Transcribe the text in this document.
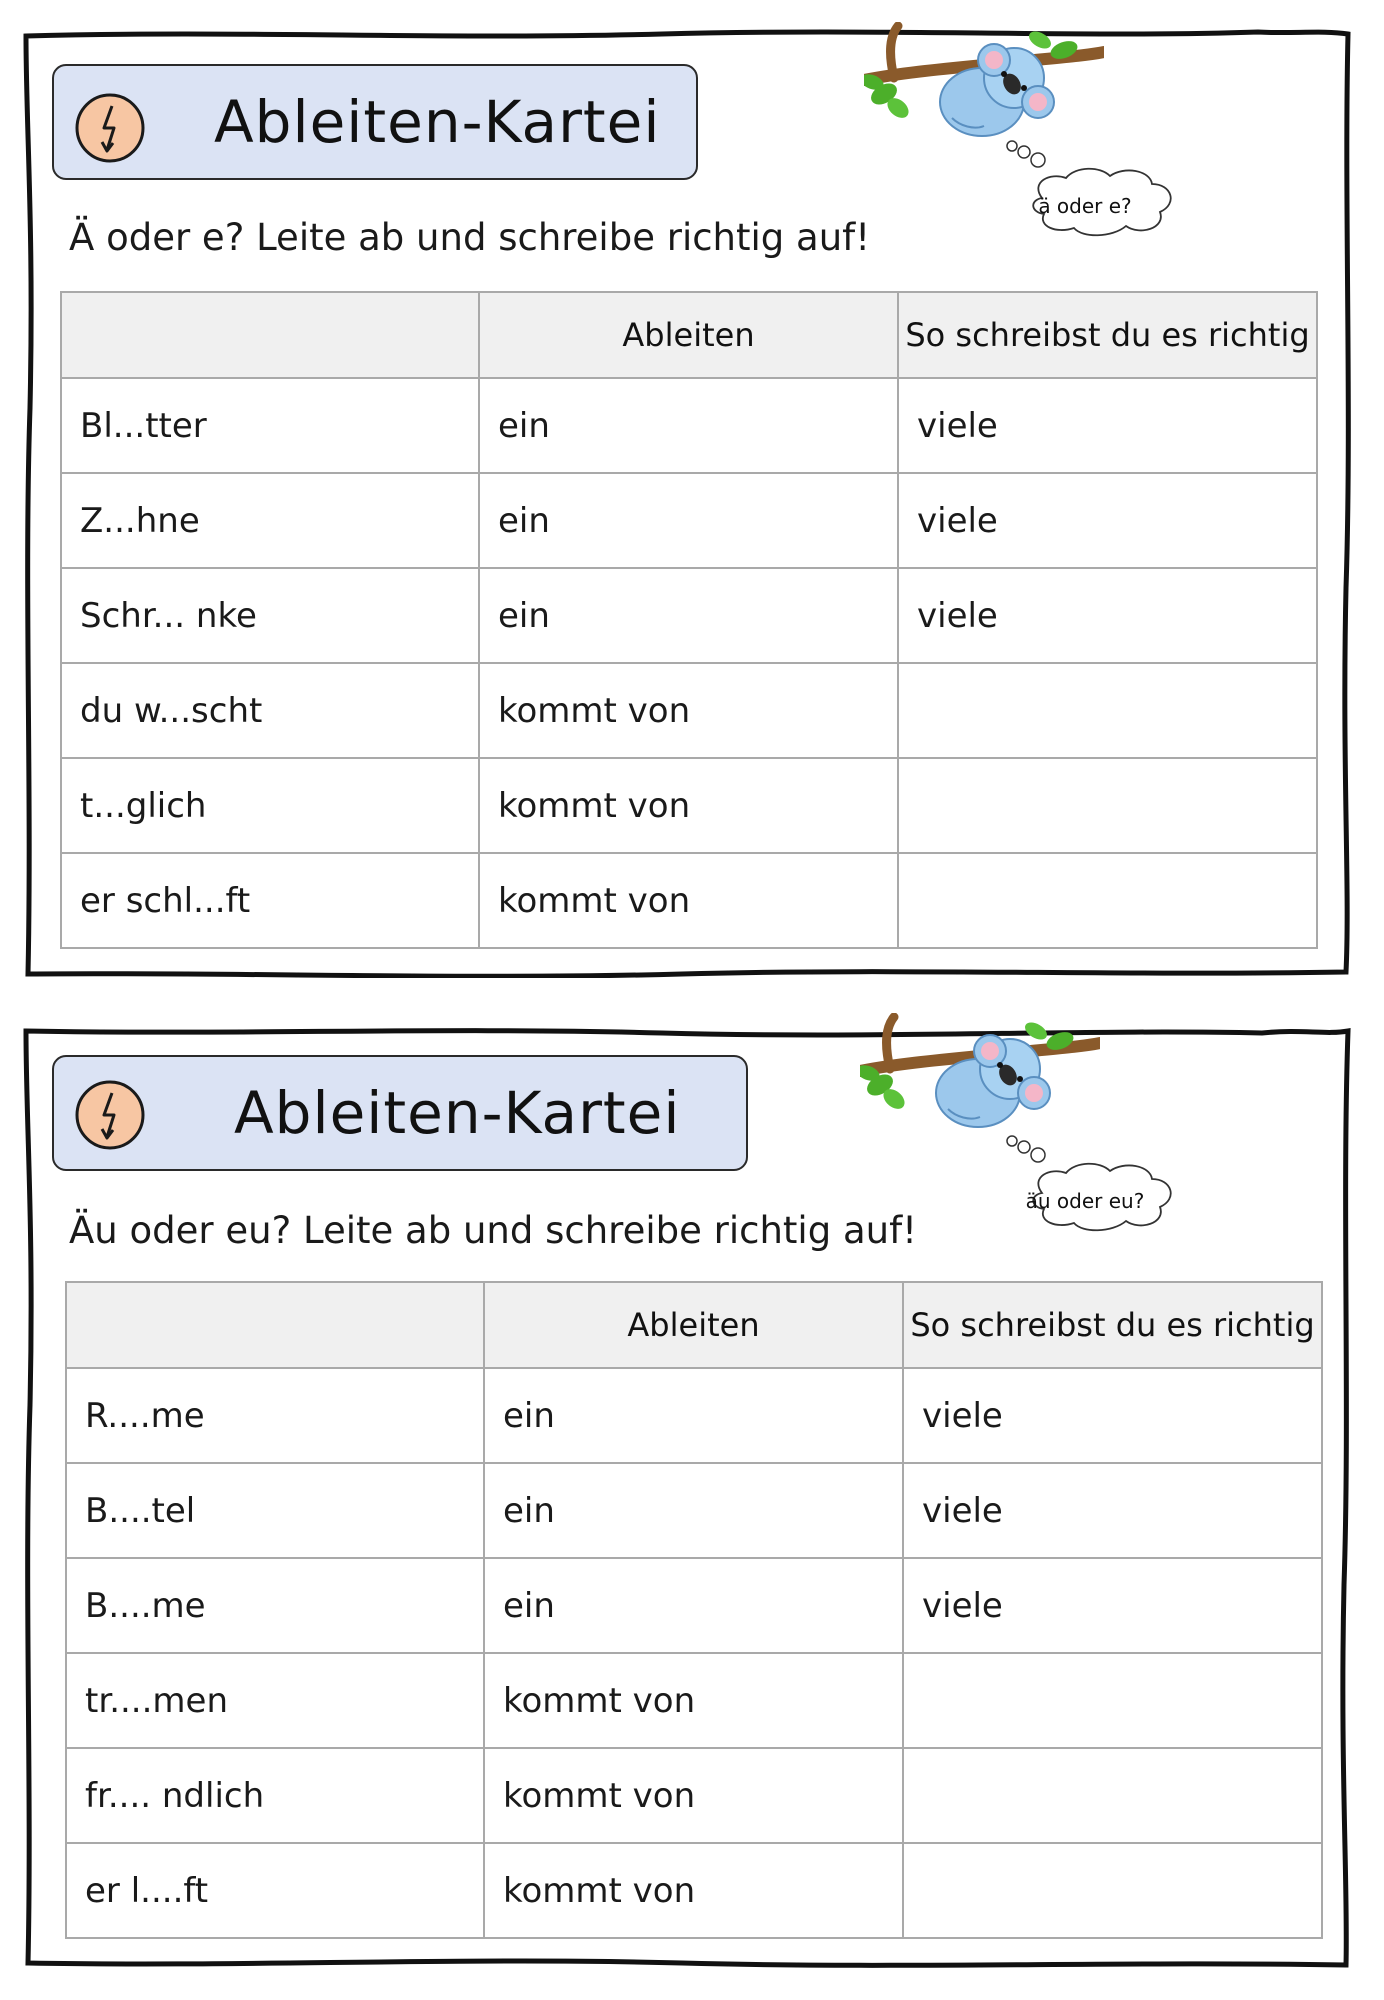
Ableiten-Kartei
ä oder e?
Ä oder e? Leite ab und schreibe richtig auf!
	Ableiten	So schreibst du es richtig
Bl...tter	ein	viele
Z...hne	ein	viele
Schr... nke	ein	viele
du w...scht	kommt von	
t...glich	kommt von	
er schl...ft	kommt von	
Ableiten-Kartei
äu oder eu?
Äu oder eu? Leite ab und schreibe richtig auf!
	Ableiten	So schreibst du es richtig
R....me	ein	viele
B....tel	ein	viele
B....me	ein	viele
tr....men	kommt von	
fr.... ndlich	kommt von	
er l....ft	kommt von	
